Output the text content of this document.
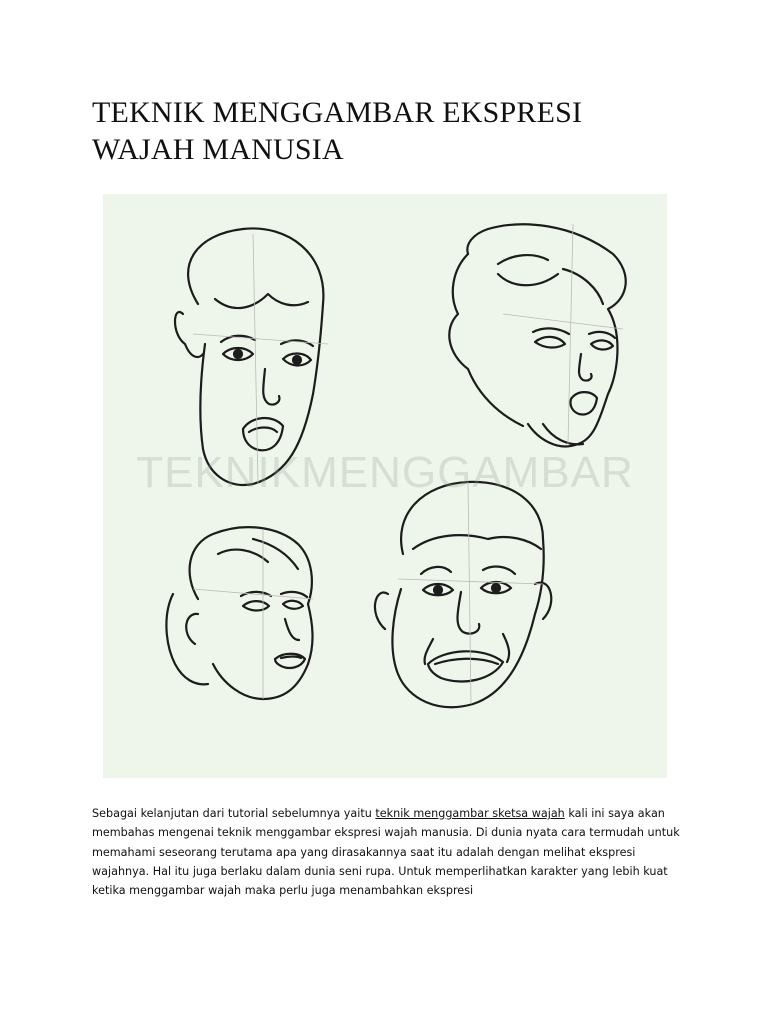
TEKNIK MENGGAMBAR EKSPRESI WAJAH MANUSIA
TEKNIKMENGGAMBAR

Sebagai kelanjutan dari tutorial sebelumnya yaitu teknik menggambar sketsa wajah kali ini saya akan membahas mengenai teknik menggambar ekspresi wajah manusia. Di dunia nyata cara termudah untuk memahami seseorang terutama apa yang dirasakannya saat itu adalah dengan melihat ekspresi wajahnya. Hal itu juga berlaku dalam dunia seni rupa. Untuk memperlihatkan karakter yang lebih kuat ketika menggambar wajah maka perlu juga menambahkan ekspresi
